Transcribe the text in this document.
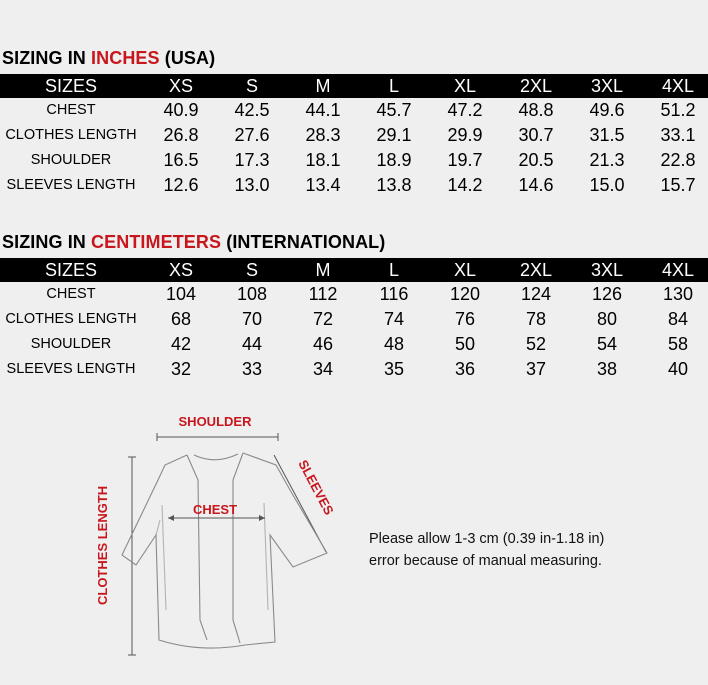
SIZING IN INCHES (USA)
SIZES	XS	S	M	L	XL	2XL	3XL	4XL
CHEST	40.9	42.5	44.1	45.7	47.2	48.8	49.6	51.2
CLOTHES LENGTH	26.8	27.6	28.3	29.1	29.9	30.7	31.5	33.1
SHOULDER	16.5	17.3	18.1	18.9	19.7	20.5	21.3	22.8
SLEEVES LENGTH	12.6	13.0	13.4	13.8	14.2	14.6	15.0	15.7
SIZING IN CENTIMETERS (INTERNATIONAL)
SIZES	XS	S	M	L	XL	2XL	3XL	4XL
CHEST	104	108	112	116	120	124	126	130
CLOTHES LENGTH	68	70	72	74	76	78	80	84
SHOULDER	42	44	46	48	50	52	54	58
SLEEVES LENGTH	32	33	34	35	36	37	38	40
SHOULDER
SLEEVES
CLOTHES LENGTH	CHEST
Please allow 1-3 cm (0.39 in-1.18 in)
error because of manual measuring.
